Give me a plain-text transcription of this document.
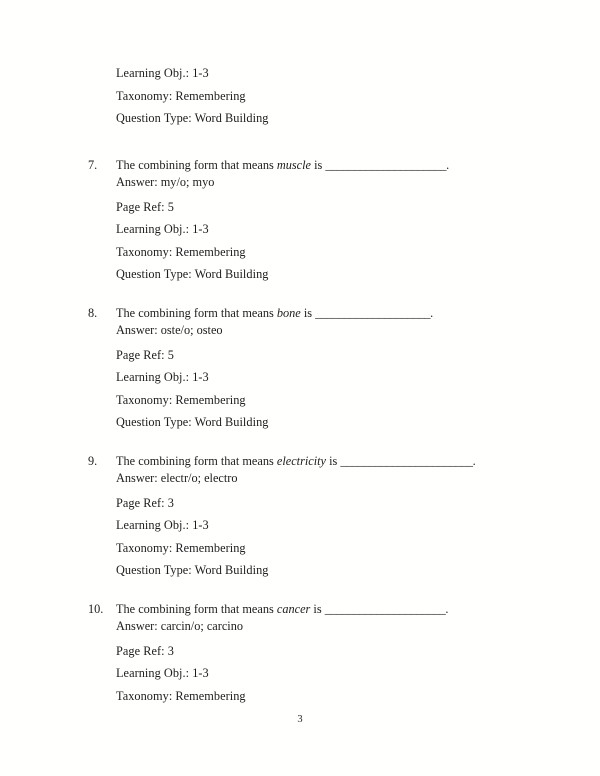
Learning Obj.: 1-3
Taxonomy: Remembering
Question Type: Word Building
7. The combining form that means muscle is _____________________.
Answer: my/o; myo
Page Ref: 5
Learning Obj.: 1-3
Taxonomy: Remembering
Question Type: Word Building
8. The combining form that means bone is ____________________.
Answer: oste/o; osteo
Page Ref: 5
Learning Obj.: 1-3
Taxonomy: Remembering
Question Type: Word Building
9. The combining form that means electricity is _______________________.
Answer: electr/o; electro
Page Ref: 3
Learning Obj.: 1-3
Taxonomy: Remembering
Question Type: Word Building
10. The combining form that means cancer is _____________________.
Answer: carcin/o; carcino
Page Ref: 3
Learning Obj.: 1-3
Taxonomy: Remembering
3
